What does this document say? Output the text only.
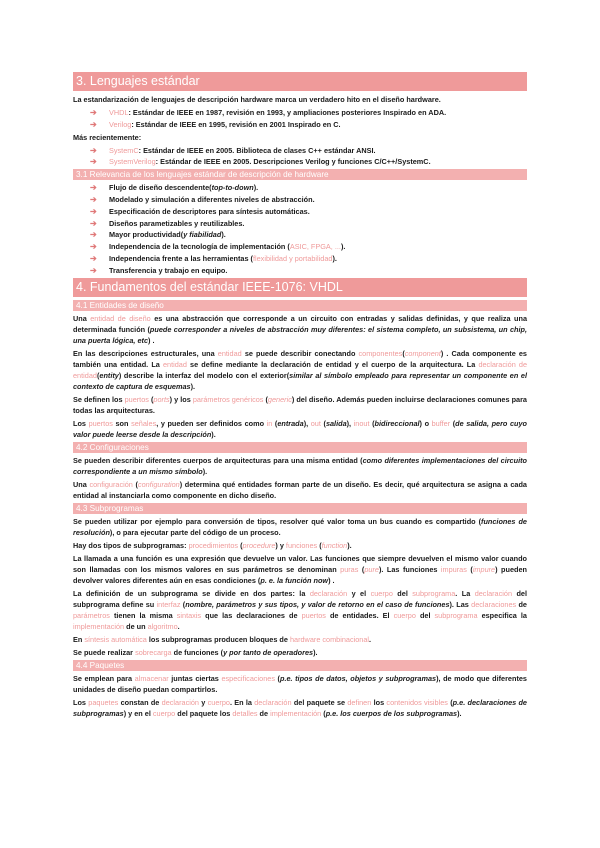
3. Lenguajes estándar

La estandarización de lenguajes de descripción hardware marca un verdadero hito en el diseño hardware.

➔ VHDL: Estándar de IEEE en 1987, revisión en 1993, y ampliaciones posteriores Inspirado en ADA.
➔ Verilog: Estándar de IEEE en 1995, revisión en 2001 Inspirado en C.

Más recientemente:

➔ SystemC: Estándar de IEEE en 2005. Biblioteca de clases C++ estándar ANSI.
➔ SystemVerilog: Estándar de IEEE en 2005. Descripciones Verilog y funciones C/C++/SystemC.
3.1 Relevancia de los lenguajes estándar de descripción de hardware
➔ Flujo de diseño descendente(top-to-down).
➔ Modelado y simulación a diferentes niveles de abstracción.
➔ Especificación de descriptores para síntesis automáticas.
➔ Diseños parametizables y reutilizables.
➔ Mayor productividad(y fiabilidad).
➔ Independencia de la tecnología de implementación (ASIC, FPGA, ...).
➔ Independencia frente a las herramientas (flexibilidad y portabilidad).
➔ Transferencia y trabajo en equipo.
4. Fundamentos del estándar IEEE-1076: VHDL
4.1 Entidades de diseño

Una entidad de diseño es una abstracción que corresponde a un circuito con entradas y salidas definidas, y que realiza una determinada función (puede corresponder a niveles de abstracción muy diferentes: el sistema completo, un subsistema, un chip, una puerta lógica, etc) .

En las descripciones estructurales, una entidad se puede describir conectando componentes(component) . Cada componente es también una entidad. La entidad se define mediante la declaración de entidad y el cuerpo de la arquitectura. La declaración de entidad(entity) describe la interfaz del modelo con el exterior(similar al símbolo empleado para representar un componente en el contexto de captura de esquemas).

Se definen los puertos (ports) y los parámetros genéricos (generic) del diseño. Además pueden incluirse declaraciones comunes para todas las arquitecturas.

Los puertos son señales, y pueden ser definidos como in (entrada), out (salida), inout (bidireccional) o buffer (de salida, pero cuyo valor puede leerse desde la descripción).

4.2 Configuraciones

Se pueden describir diferentes cuerpos de arquitecturas para una misma entidad (como diferentes implementaciones del circuito correspondiente a un mismo símbolo).

Una configuración (configuration) determina qué entidades forman parte de un diseño. Es decir, qué arquitectura se asigna a cada entidad al instanciarla como componente en dicho diseño.

4.3 Subprogramas

Se pueden utilizar por ejemplo para conversión de tipos, resolver qué valor toma un bus cuando es compartido (funciones de resolución), o para ejecutar parte del código de un proceso.

Hay dos tipos de subprogramas: procedimientos (procedure) y funciones (function).

La llamada a una función es una expresión que devuelve un valor. Las funciones que siempre devuelven el mismo valor cuando son llamadas con los mismos valores en sus parámetros se denominan puras (pure). Las funciones impuras (impure) pueden devolver valores diferentes aún en esas condiciones (p. e. la función now) .

La definición de un subprograma se divide en dos partes: la declaración y el cuerpo del subprograma. La declaración del subprograma define su interfaz (nombre, parámetros y sus tipos, y valor de retorno en el caso de funciones). Las declaraciones de parámetros tienen la misma sintaxis que las declaraciones de puertos de entidades. El cuerpo del subprograma especifica la implementación de un algoritmo.

En síntesis automática los subprogramas producen bloques de hardware combinacional.

Se puede realizar sobrecarga de funciones (y por tanto de operadores).

4.4 Paquetes

Se emplean para almacenar juntas ciertas especificaciones (p.e. tipos de datos, objetos y subprogramas), de modo que diferentes unidades de diseño puedan compartirlos.

Los paquetes constan de declaración y cuerpo. En la declaración del paquete se definen los contenidos visibles (p.e. declaraciones de subprogramas) y en el cuerpo del paquete los detalles de implementación (p.e. los cuerpos de los subprogramas).
